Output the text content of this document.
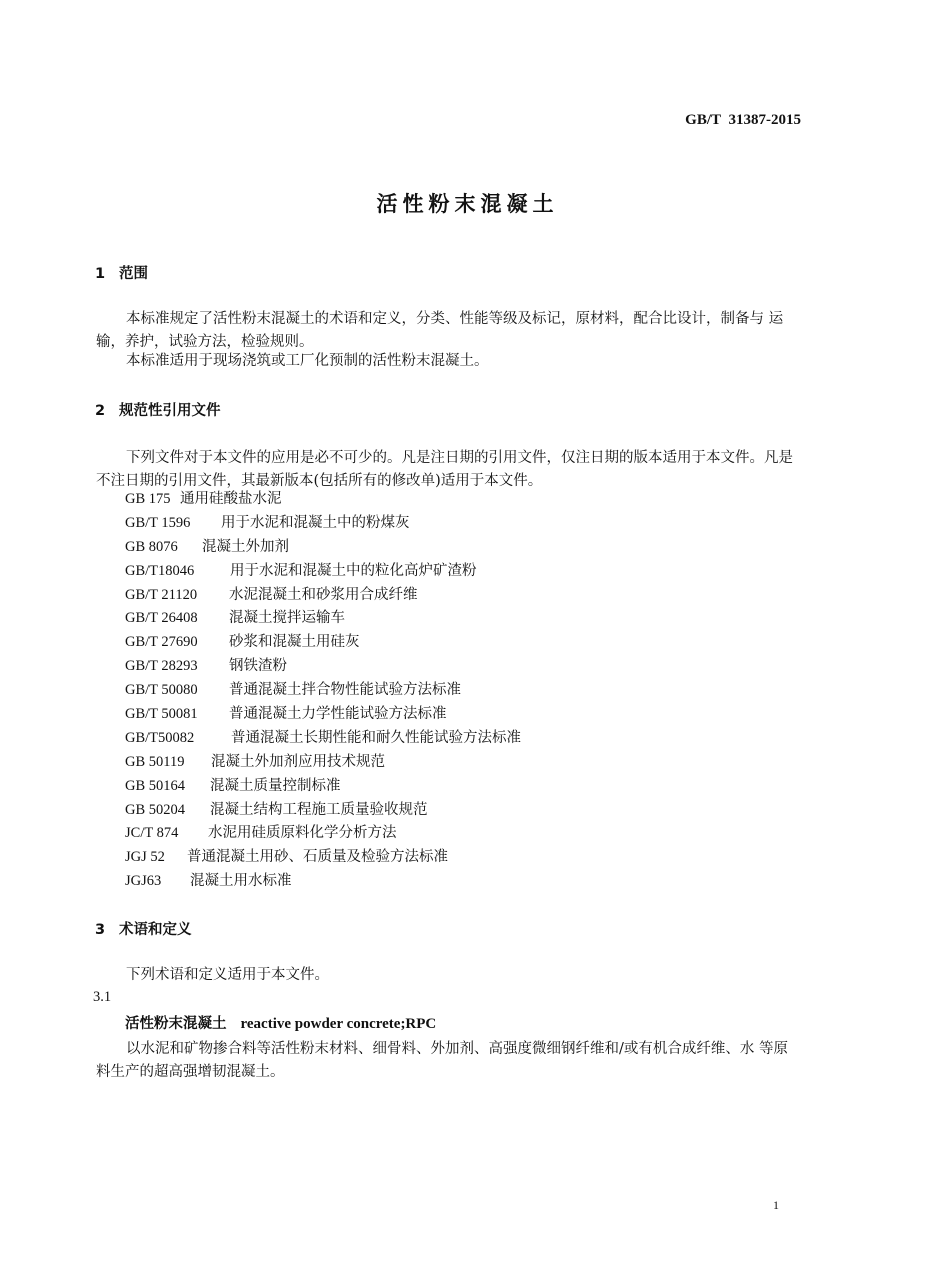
GB/T 31387-2015
活性粉末混凝土
1 范围
本标准规定了活性粉末混凝土的术语和定义，分类、性能等级及标记，原材料，配合比设计，制备与 运输，养护，试验方法，检验规则。
本标准适用于现场浇筑或工厂化预制的活性粉末混凝土。
2 规范性引用文件
下列文件对于本文件的应用是必不可少的。凡是注日期的引用文件，仅注日期的版本适用于本文件。凡是不注日期的引用文件，其最新版本(包括所有的修改单)适用于本文件。
GB 175 通用硅酸盐水泥
GB/T 1596 用于水泥和混凝土中的粉煤灰
GB 8076 混凝土外加剂
GB/T18046 用于水泥和混凝土中的粒化高炉矿渣粉
GB/T 21120 水泥混凝土和砂浆用合成纤维
GB/T 26408 混凝土搅拌运输车
GB/T 27690 砂浆和混凝土用硅灰
GB/T 28293 钢铁渣粉
GB/T 50080 普通混凝土拌合物性能试验方法标准
GB/T 50081 普通混凝土力学性能试验方法标准
GB/T50082	普通混凝土长期性能和耐久性能试验方法标准
GB 50119 混凝土外加剂应用技术规范
GB 50164 混凝土质量控制标准
GB 50204 混凝土结构工程施工质量验收规范
JC/T 874 水泥用硅质原料化学分析方法
JGJ 52 普通混凝土用砂、石质量及检验方法标准
JGJ63 混凝土用水标准
3 术语和定义
下列术语和定义适用于本文件。
3.1
活性粉末混凝土 reactive powder concrete;RPC
以水泥和矿物掺合料等活性粉末材料、细骨料、外加剂、高强度微细钢纤维和/或有机合成纤维、水 等原料生产的超高强增韧混凝土。
1
